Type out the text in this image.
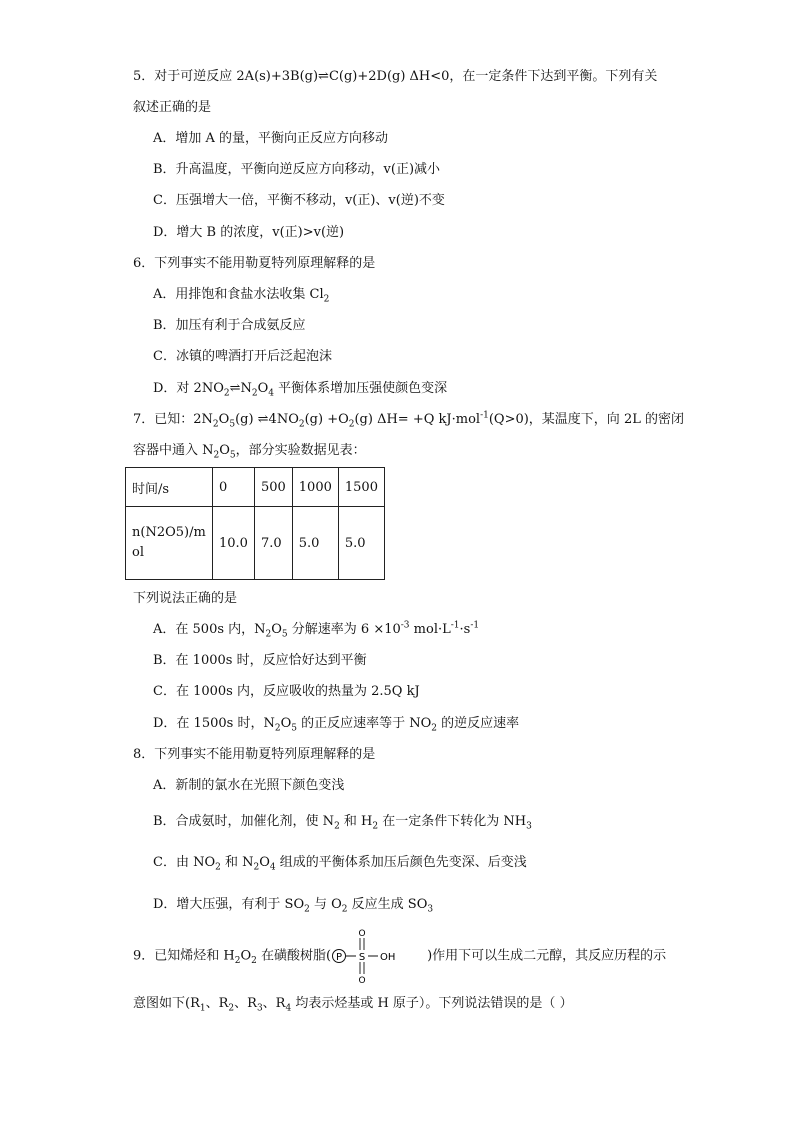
5．对于可逆反应 2A(s)+3B(g)⇌C(g)+2D(g) ΔH<0，在一定条件下达到平衡。下列有关
叙述正确的是
A．增加 A 的量，平衡向正反应方向移动
B．升高温度，平衡向逆反应方向移动，v(正)减小
C．压强增大一倍，平衡不移动，v(正)、v(逆)不变
D．增大 B 的浓度，v(正)>v(逆)
6．下列事实不能用勒夏特列原理解释的是
A．用排饱和食盐水法收集 $Cl_2$
B．加压有利于合成氨反应
C．冰镇的啤酒打开后泛起泡沫
D．对 $2NO_2\rightleftharpoons N_2O_4$ 平衡体系增加压强使颜色变深
7．已知：$2N_2O_5(g)$ $\rightleftharpoons 4NO_2(g) +O_2(g)$ ΔH= +Q kJ·mol$^{-1}$(Q>0)，某温度下，向 2L 的密闭
容器中通入 $N_2O_5$，部分实验数据见表：
时间/s	0	500	1000	1500
n(N2O5)/mol	10.0	7.0	5.0	5.0
下列说法正确的是
A．在 500s 内，$N_2O_5$ 分解速率为 $6 \times 10^{-3}$ $mol\cdot L^{-1}\cdot s^{-1}$
B．在 1000s 时，反应恰好达到平衡
C．在 1000s 内，反应吸收的热量为 2.5Q kJ
D．在 1500s 时，$N_2O_5$ 的正反应速率等于 $NO_2$ 的逆反应速率
8．下列事实不能用勒夏特列原理解释的是
A．新制的氯水在光照下颜色变浅
B．合成氨时，加催化剂，使 $N_2$ 和 $H_2$ 在一定条件下转化为 $NH_3$
C．由 $NO_2$ 和 $N_2O_4$ 组成的平衡体系加压后颜色先变深、后变浅
D．增大压强，有利于 $SO_2$ 与 $O_2$ 反应生成 $SO_3$
9．已知烯烃和 $H_2O_2$ 在磺酸树脂( P S
O
O
OH )作用下可以生成二元醇，其反应历程的示
意图如下($R_1$、$R_2$、$R_3$、$R_4$ 均表示烃基或 H 原子）。下列说法错误的是（ ）
